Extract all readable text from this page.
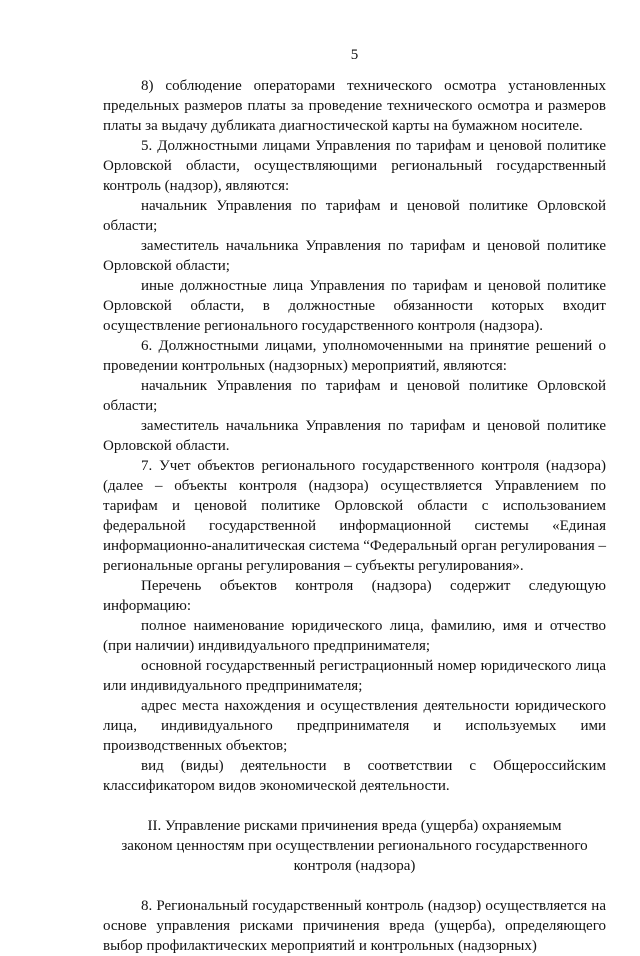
5

8) соблюдение операторами технического осмотра установленных предельных размеров платы за проведение технического осмотра и размеров платы за выдачу дубликата диагностической карты на бумажном носителе.

5. Должностными лицами Управления по тарифам и ценовой политике Орловской области, осуществляющими региональный государственный контроль (надзор), являются:

начальник Управления по тарифам и ценовой политике Орловской области;

заместитель начальника Управления по тарифам и ценовой политике Орловской области;

иные должностные лица Управления по тарифам и ценовой политике Орловской области, в должностные обязанности которых входит осуществление регионального государственного контроля (надзора).

6. Должностными лицами, уполномоченными на принятие решений о проведении контрольных (надзорных) мероприятий, являются:

начальник Управления по тарифам и ценовой политике Орловской области;

заместитель начальника Управления по тарифам и ценовой политике Орловской области.

7. Учет объектов регионального государственного контроля (надзора) (далее – объекты контроля (надзора) осуществляется Управлением по тарифам и ценовой политике Орловской области с использованием федеральной государственной информационной системы «Единая информационно-аналитическая система “Федеральный орган регулирования – региональные органы регулирования – субъекты регулирования».

Перечень объектов контроля (надзора) содержит следующую информацию:

полное наименование юридического лица, фамилию, имя и отчество (при наличии) индивидуального предпринимателя;

основной государственный регистрационный номер юридического лица или индивидуального предпринимателя;

адрес места нахождения и осуществления деятельности юридического лица, индивидуального предпринимателя и используемых ими производственных объектов;

вид (виды) деятельности в соответствии с Общероссийским классификатором видов экономической деятельности.

II. Управление рисками причинения вреда (ущерба) охраняемым
законом ценностям при осуществлении регионального государственного
контроля (надзора)

8. Региональный государственный контроль (надзор) осуществляется на основе управления рисками причинения вреда (ущерба), определяющего выбор профилактических мероприятий и контрольных (надзорных)
